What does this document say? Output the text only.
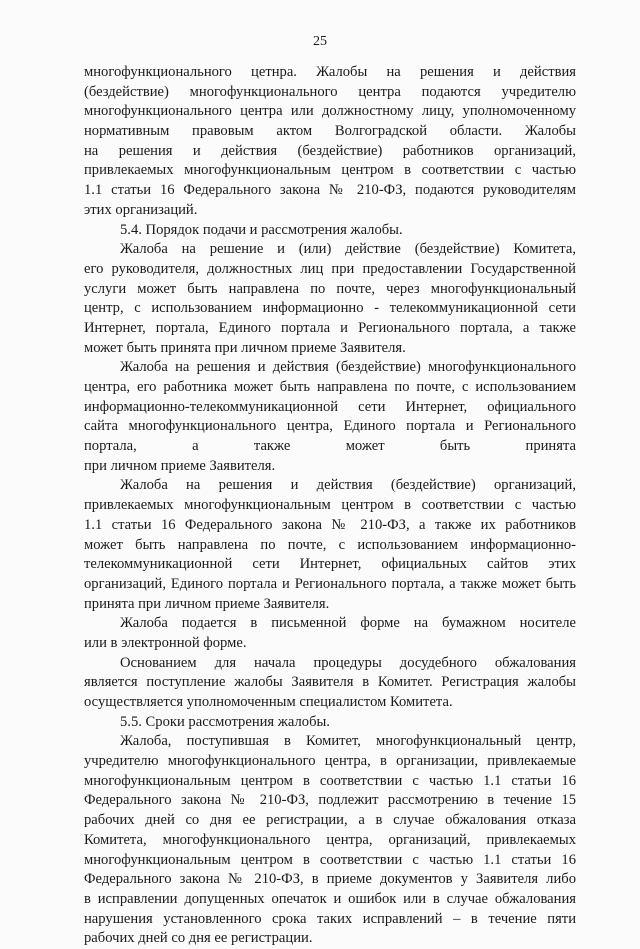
25
многофункционального цетнра. Жалобы на решения и действия
(бездействие) многофункционального центра подаются учредителю
многофункционального центра или должностному лицу, уполномоченному
нормативным правовым актом Волгоградской области. Жалобы
на решения и действия (бездействие) работников организаций,
привлекаемых многофункциональным центром в соответствии с частью
1.1 статьи 16 Федерального закона № 210-ФЗ, подаются руководителям
этих организаций.
5.4. Порядок подачи и рассмотрения жалобы.
Жалоба на решение и (или) действие (бездействие) Комитета,
его руководителя, должностных лиц при предоставлении Государственной
услуги может быть направлена по почте, через многофункциональный
центр, с использованием информационно - телекоммуникационной сети
Интернет, портала, Единого портала и Регионального портала, а также
может быть принята при личном приеме Заявителя.
Жалоба на решения и действия (бездействие) многофункционального
центра, его работника может быть направлена по почте, с использованием
информационно-телекоммуникационной сети Интернет, официального
сайта многофункционального центра, Единого портала и Регионального
портала, а также может быть принята
при личном приеме Заявителя.
Жалоба на решения и действия (бездействие) организаций,
привлекаемых многофункциональным центром в соответствии с частью
1.1 статьи 16 Федерального закона № 210-ФЗ, а также их работников
может быть направлена по почте, с использованием информационно-
телекоммуникационной сети Интернет, официальных сайтов этих
организаций, Единого портала и Регионального портала, а также может быть
принята при личном приеме Заявителя.
Жалоба подается в письменной форме на бумажном носителе
или в электронной форме.
Основанием для начала процедуры досудебного обжалования
является поступление жалобы Заявителя в Комитет. Регистрация жалобы
осуществляется уполномоченным специалистом Комитета.
5.5. Сроки рассмотрения жалобы.
Жалоба, поступившая в Комитет, многофункциональный центр,
учредителю многофункционального центра, в организации, привлекаемые
многофункциональным центром в соответствии с частью 1.1 статьи 16
Федерального закона № 210-ФЗ, подлежит рассмотрению в течение 15
рабочих дней со дня ее регистрации, а в случае обжалования отказа
Комитета, многофункционального центра, организаций, привлекаемых
многофункциональным центром в соответствии с частью 1.1 статьи 16
Федерального закона № 210-ФЗ, в приеме документов у Заявителя либо
в исправлении допущенных опечаток и ошибок или в случае обжалования
нарушения установленного срока таких исправлений – в течение пяти
рабочих дней со дня ее регистрации.
